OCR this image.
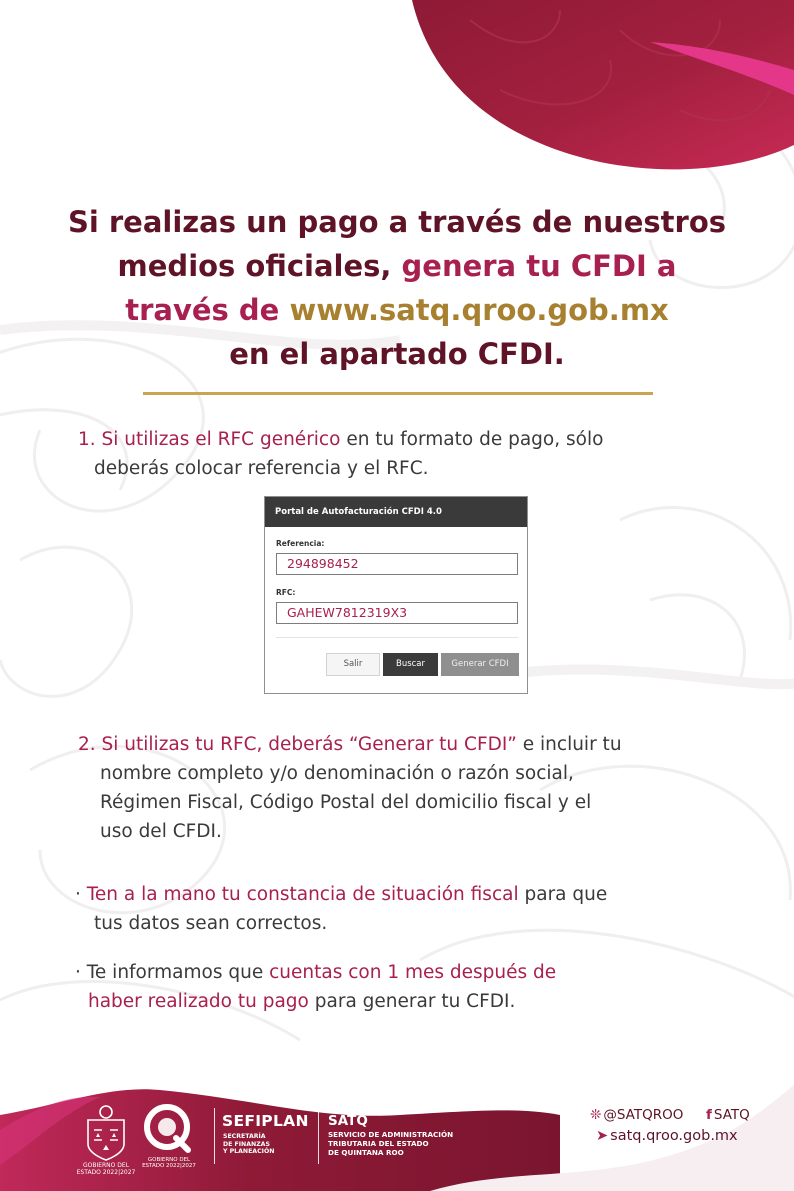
Si realizas un pago a través de nuestros
medios oficiales, genera tu CFDI a
través de www.satq.qroo.gob.mx
en el apartado CFDI.

1. Si utilizas el RFC genérico en tu formato de pago, sólo
deberás colocar referencia y el RFC.

Portal de Autofacturación CFDI 4.0
Referencia:
294898452
RFC:
GAHEW7812319X3
Salir	Buscar	Generar CFDI

2. Si utilizas tu RFC, deberás “Generar tu CFDI” e incluir tu
nombre completo y/o denominación o razón social,
Régimen Fiscal, Código Postal del domicilio fiscal y el
uso del CFDI.

· Ten a la mano tu constancia de situación fiscal para que
tus datos sean correctos.

· Te informamos que cuentas con 1 mes después de
haber realizado tu pago para generar tu CFDI.

GOBIERNO DEL ESTADO 2022|2027
GOBIERNO DEL ESTADO 2022|2027
SEFIPLAN
SECRETARÍA
DE FINANZAS
Y PLANEACIÓN
SATQ
SERVICIO DE ADMINISTRACIÓN
TRIBUTARIA DEL ESTADO
DE QUINTANA ROO
❊ @SATQROO f SATQ
➤ satq.qroo.gob.mx
